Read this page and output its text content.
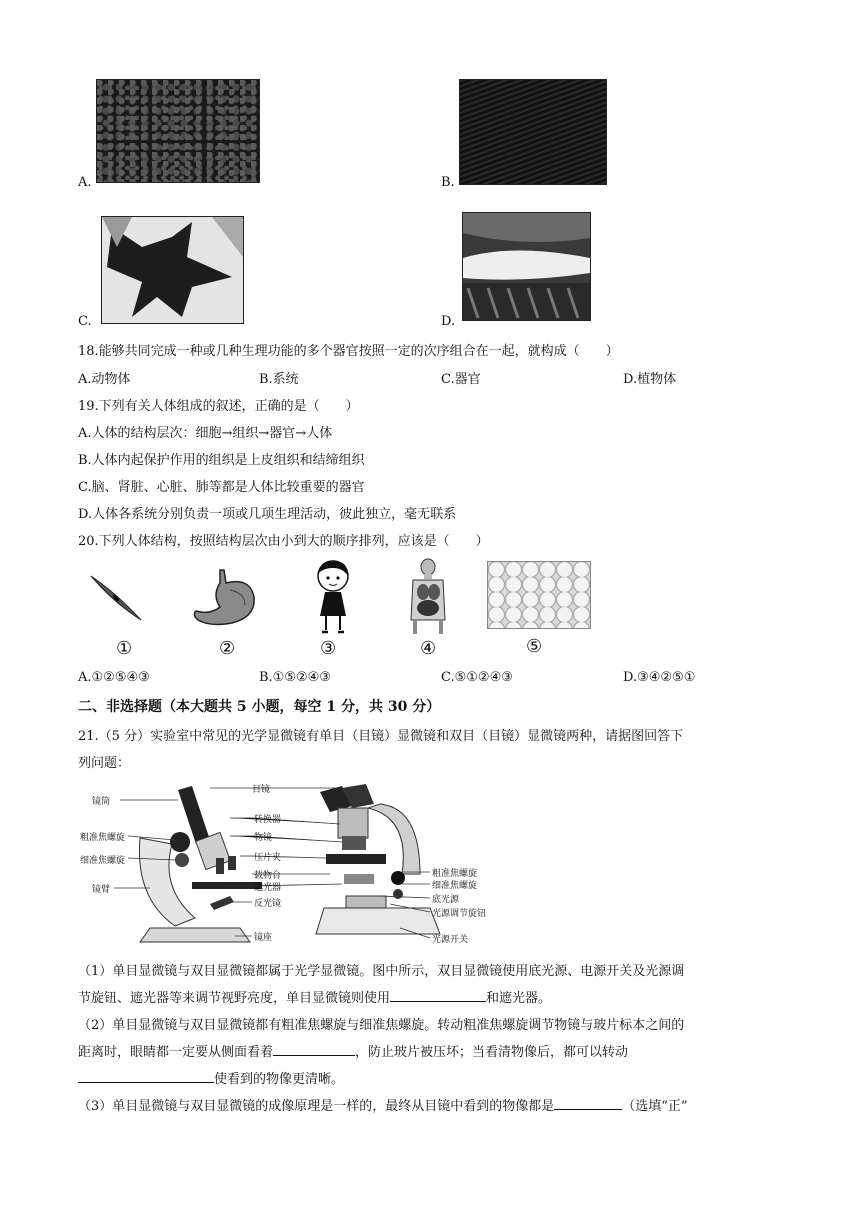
A.	B.
C.	D.
18.能够共同完成一种或几种生理功能的多个器官按照一定的次序组合在一起，就构成（　　）
A.动物体	B.系统	C.器官	D.植物体
19.下列有关人体组成的叙述，正确的是（　　）
A.人体的结构层次：细胞→组织→器官→人体
B.人体内起保护作用的组织是上皮组织和结缔组织
C.脑、肾脏、心脏、肺等都是人体比较重要的器官
D.人体各系统分别负责一项或几项生理活动，彼此独立，毫无联系
20.下列人体结构，按照结构层次由小到大的顺序排列，应该是（　　）
①	②	③	④	⑤
A.①②⑤④③	B.①⑤②④③	C.⑤①②④③	D.③④②⑤①
二、非选择题（本大题共 5 小题，每空 1 分，共 30 分）
21.（5 分）实验室中常见的光学显微镜有单目（目镜）显微镜和双目（目镜）显微镜两种，请据图回答下
列问题：
镜筒
粗准焦螺旋
细准焦螺旋
镜臂
目镜
转换器
物镜
压片夹
载物台
遮光器
反光镜
镜座
粗准焦螺旋
细准焦螺旋
底光源
光源调节旋钮
光源开关
（1）单目显微镜与双目显微镜都属于光学显微镜。图中所示，双目显微镜使用底光源、电源开关及光源调
节旋钮、遮光器等来调节视野亮度，单目显微镜则使用	和遮光器。
（2）单目显微镜与双目显微镜都有粗准焦螺旋与细准焦螺旋。转动粗准焦螺旋调节物镜与玻片标本之间的
距离时，眼睛都一定要从侧面看着	，防止玻片被压坏；当看清物像后，都可以转动
使看到的物像更清晰。
（3）单目显微镜与双目显微镜的成像原理是一样的，最终从目镜中看到的物像都是	（选填“正”
